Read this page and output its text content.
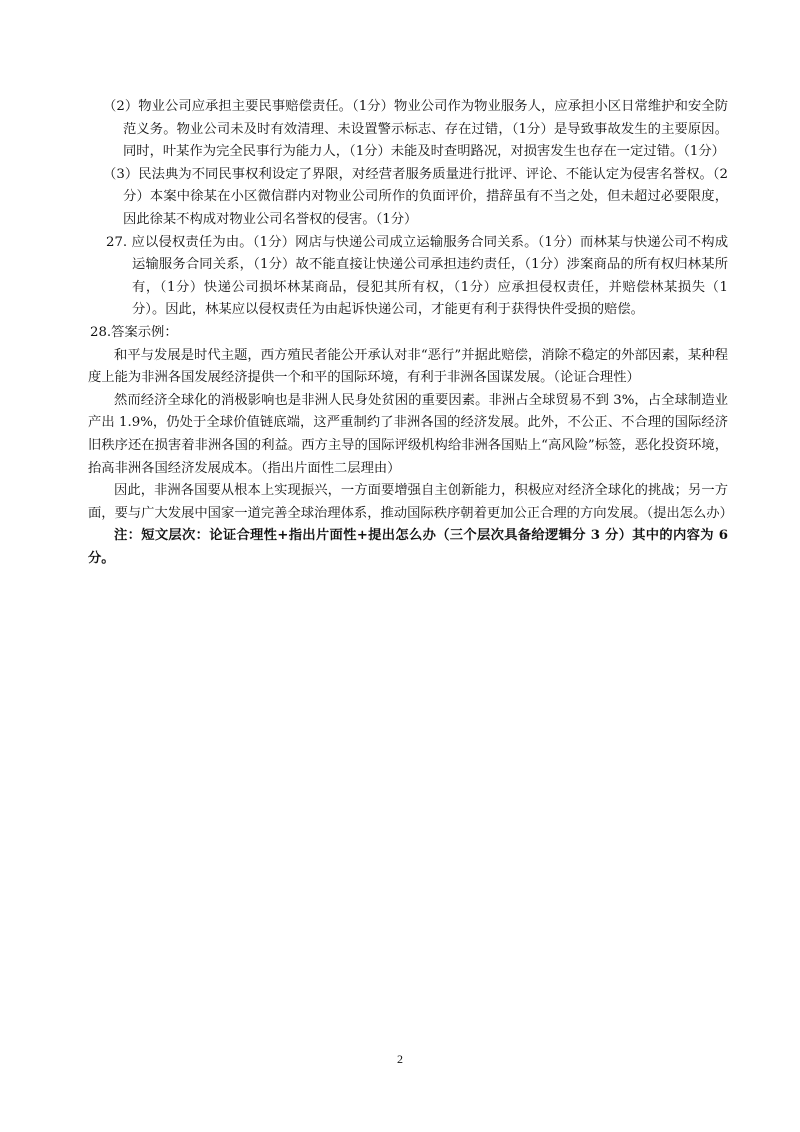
（2）物业公司应承担主要民事赔偿责任。（1分）物业公司作为物业服务人，应承担小区日常维护和安全防范义务。物业公司未及时有效清理、未设置警示标志、存在过错，（1分）是导致事故发生的主要原因。同时，叶某作为完全民事行为能力人，（1分）未能及时查明路况，对损害发生也存在一定过错。（1分）
（3）民法典为不同民事权利设定了界限，对经营者服务质量进行批评、评论、不能认定为侵害名誉权。（2分）本案中徐某在小区微信群内对物业公司所作的负面评价，措辞虽有不当之处，但未超过必要限度，因此徐某不构成对物业公司名誉权的侵害。（1分）
27. 应以侵权责任为由。（1分）网店与快递公司成立运输服务合同关系。（1分）而林某与快递公司不构成运输服务合同关系，（1分）故不能直接让快递公司承担违约责任，（1分）涉案商品的所有权归林某所有，（1分）快递公司损坏林某商品，侵犯其所有权，（1分）应承担侵权责任，并赔偿林某损失（1分）。因此，林某应以侵权责任为由起诉快递公司，才能更有利于获得快件受损的赔偿。
28.答案示例：
和平与发展是时代主题，西方殖民者能公开承认对非“恶行”并据此赔偿，消除不稳定的外部因素，某种程度上能为非洲各国发展经济提供一个和平的国际环境，有利于非洲各国谋发展。（论证合理性）
然而经济全球化的消极影响也是非洲人民身处贫困的重要因素。非洲占全球贸易不到 3%，占全球制造业产出 1.9%，仍处于全球价值链底端，这严重制约了非洲各国的经济发展。此外，不公正、不合理的国际经济旧秩序还在损害着非洲各国的利益。西方主导的国际评级机构给非洲各国贴上“高风险”标签，恶化投资环境，抬高非洲各国经济发展成本。（指出片面性二层理由）
因此，非洲各国要从根本上实现振兴，一方面要增强自主创新能力，积极应对经济全球化的挑战；另一方面，要与广大发展中国家一道完善全球治理体系，推动国际秩序朝着更加公正合理的方向发展。（提出怎么办）
注：短文层次：论证合理性+指出片面性+提出怎么办（三个层次具备给逻辑分 3 分）其中的内容为 6 分。
2
